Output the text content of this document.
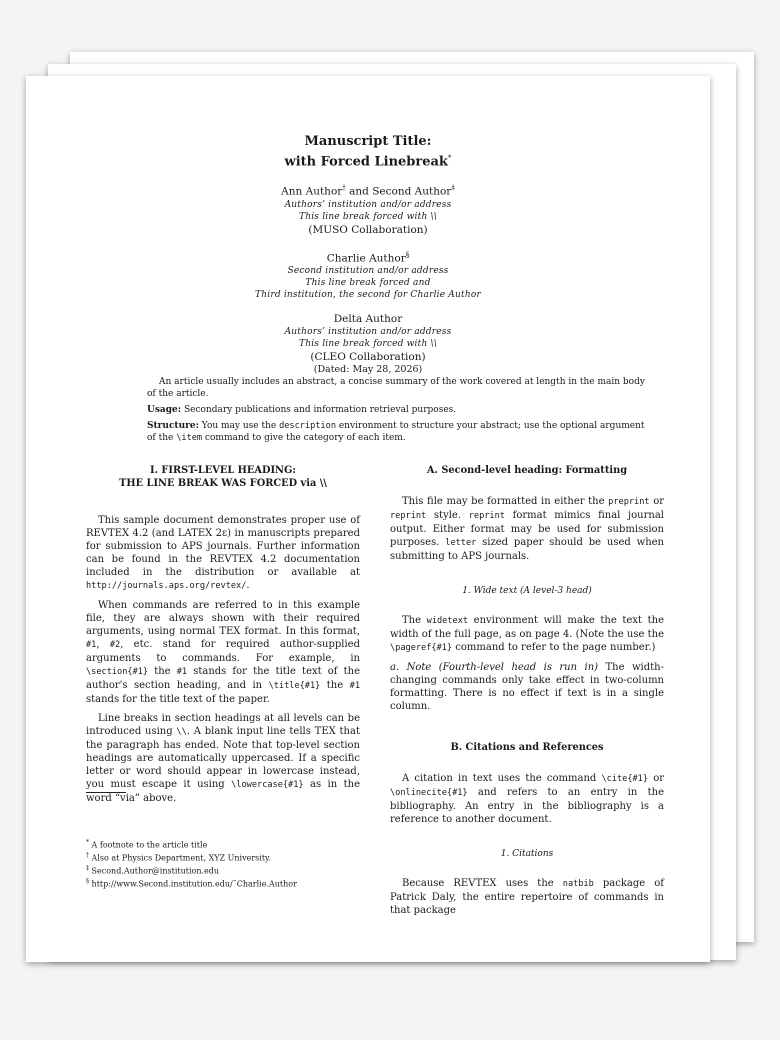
Manuscript Title:
with Forced Linebreak*
Ann Author† and Second Author‡
Authors’ institution and/or address
This line break forced with \\
(MUSO Collaboration)
Charlie Author§
Second institution and/or address
This line break forced and
Third institution, the second for Charlie Author
Delta Author
Authors’ institution and/or address
This line break forced with \\
(CLEO Collaboration)
(Dated: May 28, 2026)

An article usually includes an abstract, a concise summary of the work covered at length in the main body of the article.

Usage: Secondary publications and information retrieval purposes.

Structure: You may use the description environment to structure your abstract; use the optional argument of the \item command to give the category of each item.

I. FIRST-LEVEL HEADING:
THE LINE BREAK WAS FORCED via \\

This sample document demonstrates proper use of REVTEX 4.2 (and LATEX 2ε) in manuscripts prepared for submission to APS journals. Further information can be found in the REVTEX 4.2 documentation included in the distribution or available at http://journals.aps.org/revtex/.

When commands are referred to in this example file, they are always shown with their required arguments, using normal TEX format. In this format, #1, #2, etc. stand for required author-supplied arguments to commands. For example, in \section{#1} the #1 stands for the title text of the author's section heading, and in \title{#1} the #1 stands for the title text of the paper.

Line breaks in section headings at all levels can be introduced using \\. A blank input line tells TEX that the paragraph has ended. Note that top-level section headings are automatically uppercased. If a specific letter or word should appear in lowercase instead, you must escape it using \lowercase{#1} as in the word “via” above.

A. Second-level heading: Formatting

This file may be formatted in either the preprint or reprint style. reprint format mimics final journal output. Either format may be used for submission purposes. letter sized paper should be used when submitting to APS journals.

1. Wide text (A level-3 head)

The widetext environment will make the text the width of the full page, as on page 4. (Note the use the \pageref{#1} command to refer to the page number.)

a. Note (Fourth-level head is run in) The width-changing commands only take effect in two-column formatting. There is no effect if text is in a single column.

B. Citations and References

A citation in text uses the command \cite{#1} or \onlinecite{#1} and refers to an entry in the bibliography. An entry in the bibliography is a reference to another document.

1. Citations

Because REVTEX uses the natbib package of Patrick Daly, the entire repertoire of commands in that package

* A footnote to the article title
† Also at Physics Department, XYZ University.
‡ Second.Author@institution.edu
§ http://www.Second.institution.edu/˜Charlie.Author
